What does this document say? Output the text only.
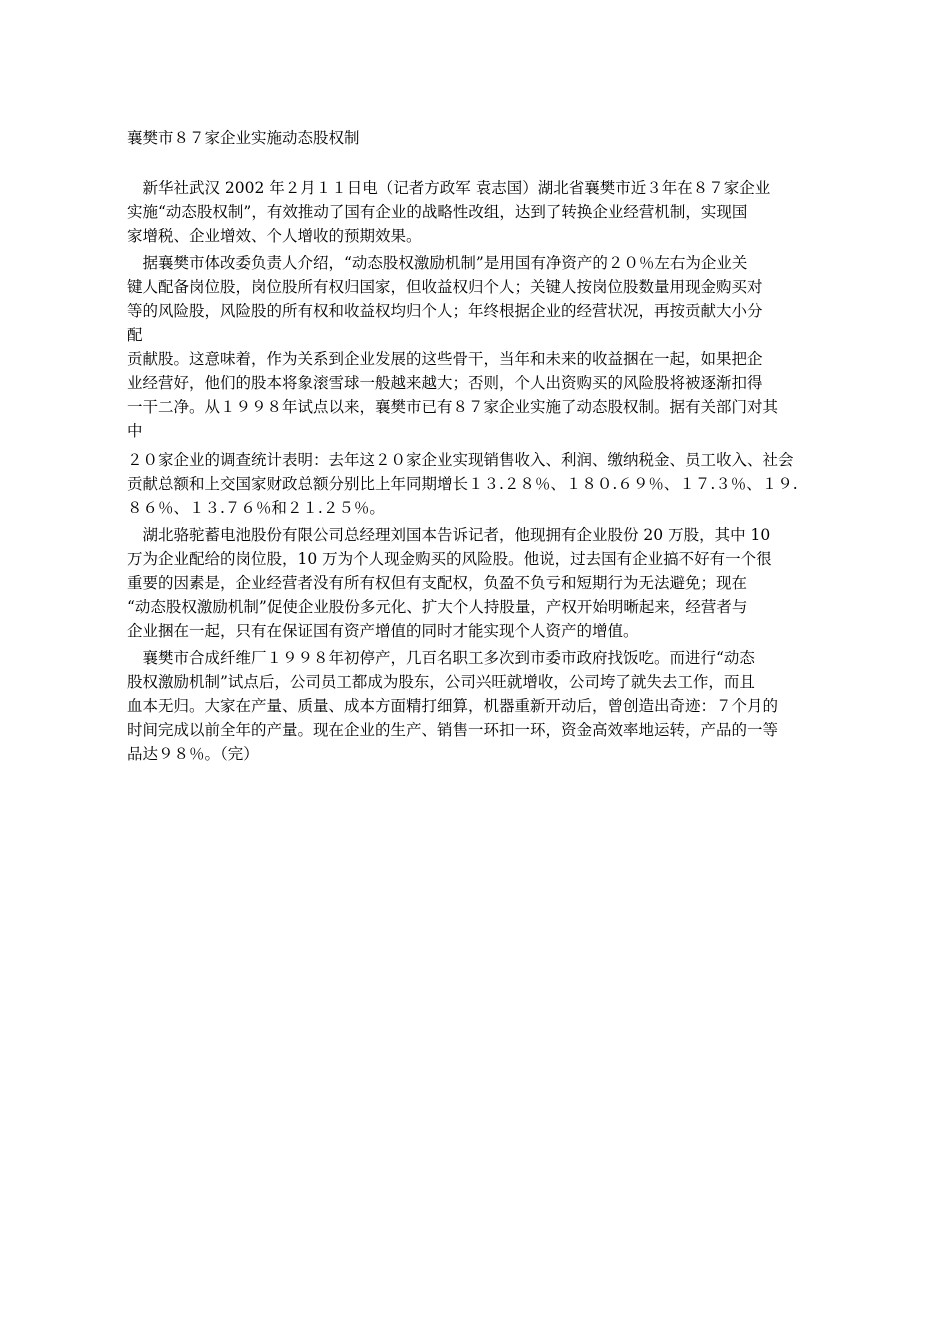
襄樊市８７家企业实施动态股权制
　新华社武汉 2002 年２月１１日电（记者方政军 袁志国）湖北省襄樊市近３年在８７家企业
实施“动态股权制”，有效推动了国有企业的战略性改组，达到了转换企业经营机制，实现国
家增税、企业增效、个人增收的预期效果。
　据襄樊市体改委负责人介绍，“动态股权激励机制”是用国有净资产的２０％左右为企业关
键人配备岗位股，岗位股所有权归国家，但收益权归个人；关键人按岗位股数量用现金购买对
等的风险股，风险股的所有权和收益权均归个人；年终根据企业的经营状况，再按贡献大小分
配
贡献股。这意味着，作为关系到企业发展的这些骨干，当年和未来的收益捆在一起，如果把企
业经营好，他们的股本将象滚雪球一般越来越大；否则，个人出资购买的风险股将被逐渐扣得
一干二净。从１９９８年试点以来，襄樊市已有８７家企业实施了动态股权制。据有关部门对其
中
２０家企业的调查统计表明：去年这２０家企业实现销售收入、利润、缴纳税金、员工收入、社会
贡献总额和上交国家财政总额分别比上年同期增长１３.２８％、１８０.６９％、１７.３％、１９.
８６％、１３.７６％和２１.２５％。
　湖北骆驼蓄电池股份有限公司总经理刘国本告诉记者，他现拥有企业股份 20 万股，其中 10
万为企业配给的岗位股，10 万为个人现金购买的风险股。他说，过去国有企业搞不好有一个很
重要的因素是，企业经营者没有所有权但有支配权，负盈不负亏和短期行为无法避免；现在
“动态股权激励机制”促使企业股份多元化、扩大个人持股量，产权开始明晰起来，经营者与
企业捆在一起，只有在保证国有资产增值的同时才能实现个人资产的增值。
　襄樊市合成纤维厂１９９８年初停产，几百名职工多次到市委市政府找饭吃。而进行“动态
股权激励机制”试点后，公司员工都成为股东，公司兴旺就增收，公司垮了就失去工作，而且
血本无归。大家在产量、质量、成本方面精打细算，机器重新开动后，曾创造出奇迹：７个月的
时间完成以前全年的产量。现在企业的生产、销售一环扣一环，资金高效率地运转，产品的一等
品达９８％。（完）
